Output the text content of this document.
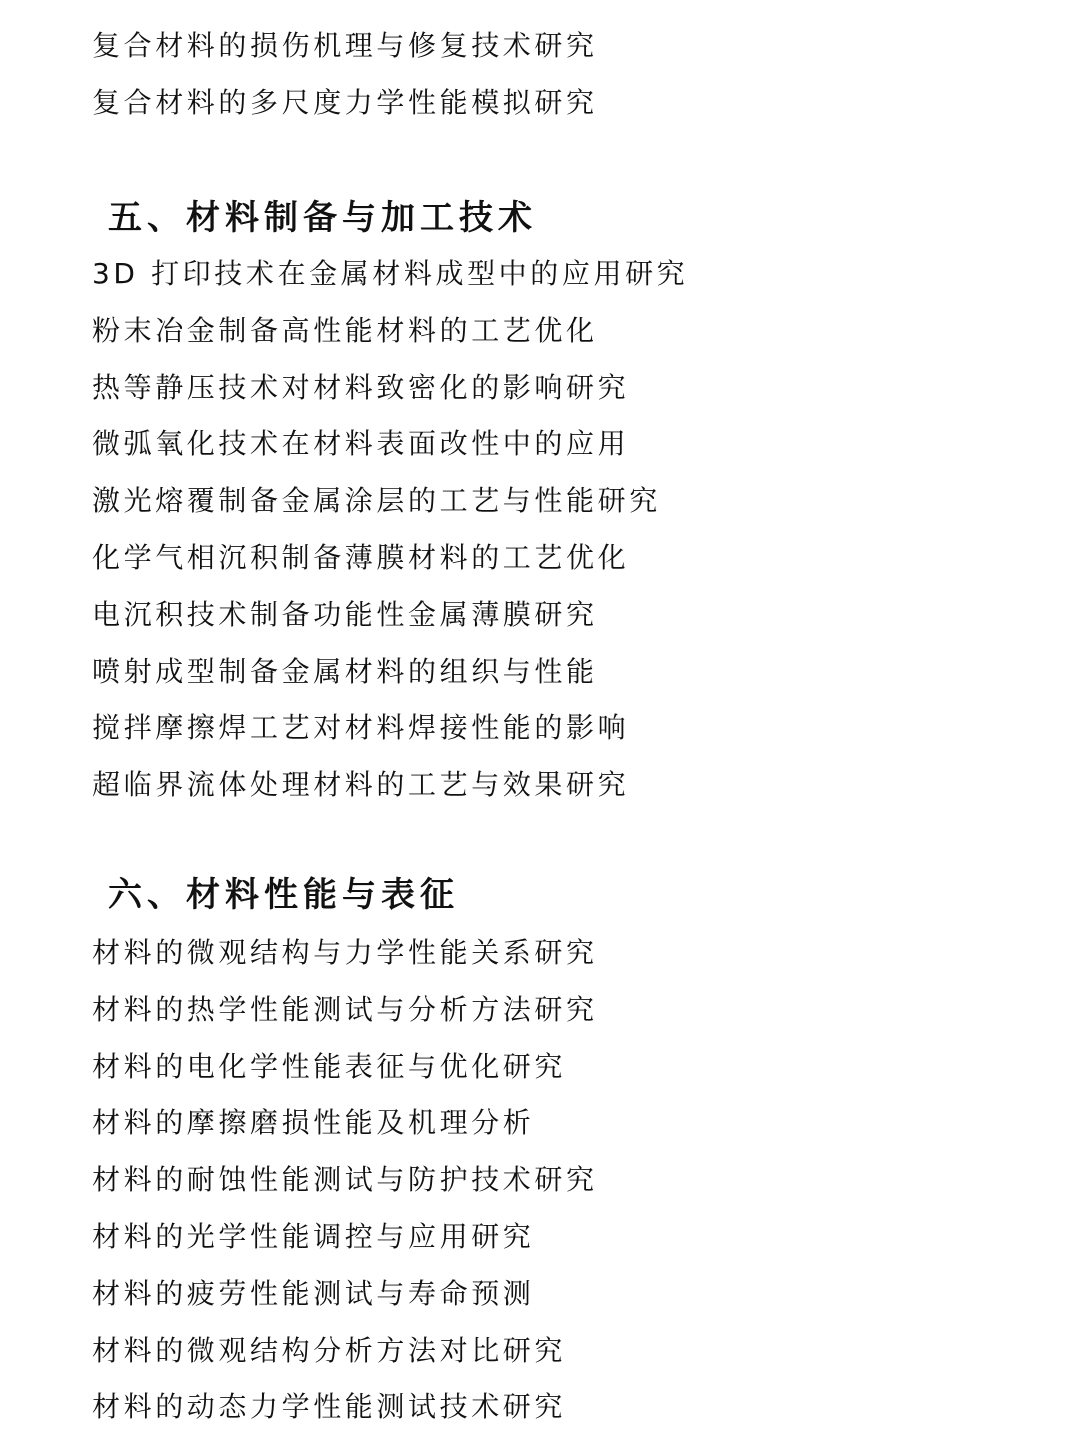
复合材料的损伤机理与修复技术研究
复合材料的多尺度力学性能模拟研究
五、材料制备与加工技术
3D 打印技术在金属材料成型中的应用研究
粉末冶金制备高性能材料的工艺优化
热等静压技术对材料致密化的影响研究
微弧氧化技术在材料表面改性中的应用
激光熔覆制备金属涂层的工艺与性能研究
化学气相沉积制备薄膜材料的工艺优化
电沉积技术制备功能性金属薄膜研究
喷射成型制备金属材料的组织与性能
搅拌摩擦焊工艺对材料焊接性能的影响
超临界流体处理材料的工艺与效果研究
六、材料性能与表征
材料的微观结构与力学性能关系研究
材料的热学性能测试与分析方法研究
材料的电化学性能表征与优化研究
材料的摩擦磨损性能及机理分析
材料的耐蚀性能测试与防护技术研究
材料的光学性能调控与应用研究
材料的疲劳性能测试与寿命预测
材料的微观结构分析方法对比研究
材料的动态力学性能测试技术研究
